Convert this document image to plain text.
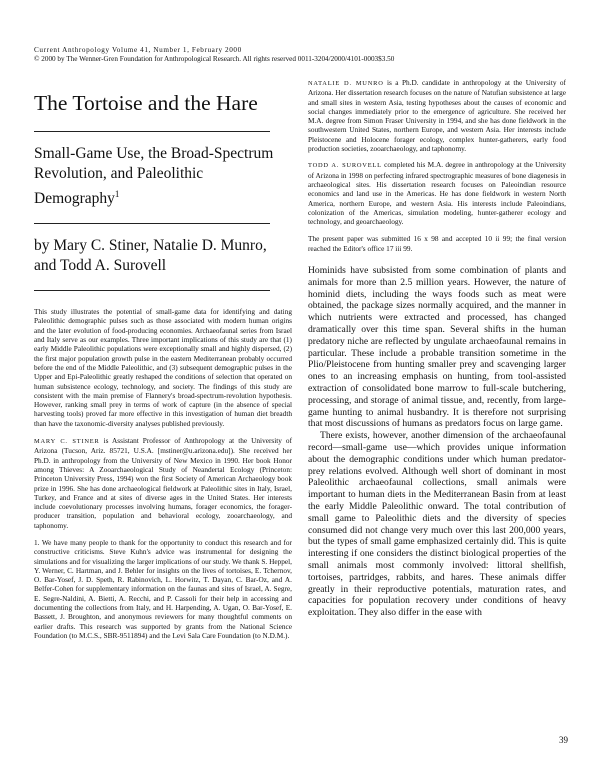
Current Anthropology Volume 41, Number 1, February 2000
© 2000 by The Wenner-Gren Foundation for Anthropological Research. All rights reserved 0011-3204/2000/4101-0003$3.50
The Tortoise and the Hare

Small-Game Use, the Broad-Spectrum Revolution, and Paleolithic Demography$^1$

by Mary C. Stiner, Natalie D. Munro, and Todd A. Surovell

This study illustrates the potential of small-game data for identifying and dating Paleolithic demographic pulses such as those associated with modern human origins and the later evolution of food-producing economies. Archaeofaunal series from Israel and Italy serve as our examples. Three important implications of this study are that (1) early Middle Paleolithic populations were exceptionally small and highly dispersed, (2) the first major population growth pulse in the eastern Mediterranean probably occurred before the end of the Middle Paleolithic, and (3) subsequent demographic pulses in the Upper and Epi-Paleolithic greatly reshaped the conditions of selection that operated on human subsistence ecology, technology, and society. The findings of this study are consistent with the main premise of Flannery's broad-spectrum-revolution hypothesis. However, ranking small prey in terms of work of capture (in the absence of special harvesting tools) proved far more effective in this investigation of human diet breadth than have the taxonomic-diversity analyses published previously.

MARY C. STINER is Assistant Professor of Anthropology at the University of Arizona (Tucson, Ariz. 85721, U.S.A. [mstiner@u.arizona.edu]). She received her Ph.D. in anthropology from the University of New Mexico in 1990. Her book Honor among Thieves: A Zooarchaeological Study of Neandertal Ecology (Princeton: Princeton University Press, 1994) won the first Society of American Archaeology book prize in 1996. She has done archaeological fieldwork at Paleolithic sites in Italy, Israel, Turkey, and France and at sites of diverse ages in the United States. Her interests include coevolutionary processes involving humans, forager economics, the forager-producer transition, population and behavioral ecology, zooarchaeology, and taphonomy.

1. We have many people to thank for the opportunity to conduct this research and for constructive criticisms. Steve Kuhn's advice was instrumental for designing the simulations and for visualizing the larger implications of our study. We thank S. Heppel, Y. Werner, C. Hartman, and J. Behler for insights on the lives of tortoises, E. Tchernov, O. Bar-Yosef, J. D. Speth, R. Rabinovich, L. Horwitz, T. Dayan, C. Bar-Oz, and A. Belfer-Cohen for supplementary information on the faunas and sites of Israel, A. Segre, E. Segre-Naldini, A. Bietti, A. Recchi, and P. Cassoli for their help in accessing and documenting the collections from Italy, and H. Harpending, A. Ugan, O. Bar-Yosef, E. Bassett, J. Broughton, and anonymous reviewers for many thoughtful comments on earlier drafts. This research was supported by grants from the National Science Foundation (to M.C.S., SBR-9511894) and the Levi Sala Care Foundation (to N.D.M.).

NATALIE D. MUNRO is a Ph.D. candidate in anthropology at the University of Arizona. Her dissertation research focuses on the nature of Natufian subsistence at large and small sites in western Asia, testing hypotheses about the causes of economic and social changes immediately prior to the emergence of agriculture. She received her M.A. degree from Simon Fraser University in 1994, and she has done fieldwork in the southwestern United States, northern Europe, and western Asia. Her interests include Pleistocene and Holocene forager ecology, complex hunter-gatherers, early food production societies, zooarchaeology, and taphonomy.

TODD A. SUROVELL completed his M.A. degree in anthropology at the University of Arizona in 1998 on perfecting infrared spectrographic measures of bone diagenesis in archaeological sites. His dissertation research focuses on Paleoindian resource economics and land use in the Americas. He has done fieldwork in western North America, northern Europe, and western Asia. His interests include Paleoindians, colonization of the Americas, simulation modeling, hunter-gatherer ecology and technology, and geoarchaeology.

The present paper was submitted 16 x 98 and accepted 10 ii 99; the final version reached the Editor's office 17 iii 99.

Hominids have subsisted from some combination of plants and animals for more than 2.5 million years. However, the nature of hominid diets, including the ways foods such as meat were obtained, the package sizes normally acquired, and the manner in which nutrients were extracted and processed, has changed dramatically over this time span. Several shifts in the human predatory niche are reflected by ungulate archaeofaunal remains in particular. These include a probable transition sometime in the Plio/Pleistocene from hunting smaller prey and scavenging larger ones to an increasing emphasis on hunting, from tool-assisted extraction of consolidated bone marrow to full-scale butchering, processing, and storage of animal tissue, and, recently, from large-game hunting to animal husbandry. It is therefore not surprising that most discussions of humans as predators focus on large game.

There exists, however, another dimension of the archaeofaunal record—small-game use—which provides unique information about the demographic conditions under which human predator-prey relations evolved. Although well short of dominant in most Paleolithic archaeofaunal collections, small animals were important to human diets in the Mediterranean Basin from at least the early Middle Paleolithic onward. The total contribution of small game to Paleolithic diets and the diversity of species consumed did not change very much over this last 200,000 years, but the types of small game emphasized certainly did. This is quite interesting if one considers the distinct biological properties of the small animals most commonly involved: littoral shellfish, tortoises, partridges, rabbits, and hares. These animals differ greatly in their reproductive potentials, maturation rates, and capacities for population recovery under conditions of heavy exploitation. They also differ in the ease with

39
